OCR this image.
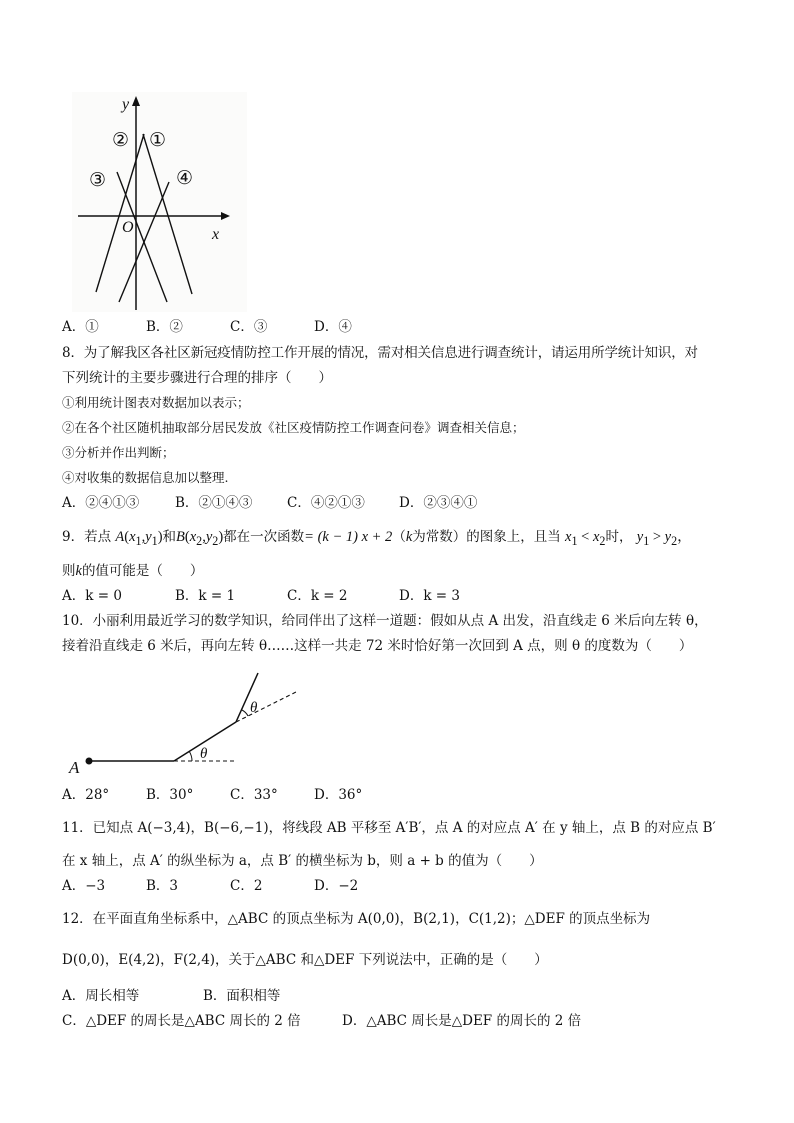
y
x
O
② ①
③	④
A．①	B．②	C．③	D．④
8．为了解我区各社区新冠疫情防控工作开展的情况，需对相关信息进行调查统计，请运用所学统计知识，对
下列统计的主要步骤进行合理的排序（　　）
①利用统计图表对数据加以表示；
②在各个社区随机抽取部分居民发放《社区疫情防控工作调查问卷》调查相关信息；
③分析并作出判断；
④对收集的数据信息加以整理.
A．②④①③	B．②①④③	C．④②①③	D．②③④①
9．若点 $A(x_1,y_1)$和$B(x_2,y_2)$都在一次函数= (k − 1) x + 2（k为常数）的图象上，且当 $x_1 < x_2$时， $y_1 > y_2$，
则k的值可能是（　　）
A．k = 0	B．k = 1	C．k = 2	D．k = 3
10．小丽利用最近学习的数学知识，给同伴出了这样一道题：假如从点 A 出发，沿直线走 6 米后向左转 θ，
接着沿直线走 6 米后，再向左转 θ……这样一共走 72 米时恰好第一次回到 A 点，则 θ 的度数为（　　）
A
θ
θ
A．28°	B．30°	C．33°	D．36°
11．已知点 A(−3,4)，B(−6,−1)，将线段 AB 平移至 A′B′，点 A 的对应点 A′ 在 y 轴上，点 B 的对应点 B′
在 x 轴上，点 A′ 的纵坐标为 a，点 B′ 的横坐标为 b，则 a + b 的值为（　　）
A．−3	B．3	C．2	D．−2
12．在平面直角坐标系中，△ABC 的顶点坐标为 A(0,0)，B(2,1)，C(1,2)；△DEF 的顶点坐标为
D(0,0)，E(4,2)，F(2,4)，关于△ABC 和△DEF 下列说法中，正确的是（　　）
A．周长相等	B．面积相等
C．△DEF 的周长是△ABC 周长的 2 倍	D．△ABC 周长是△DEF 的周长的 2 倍
